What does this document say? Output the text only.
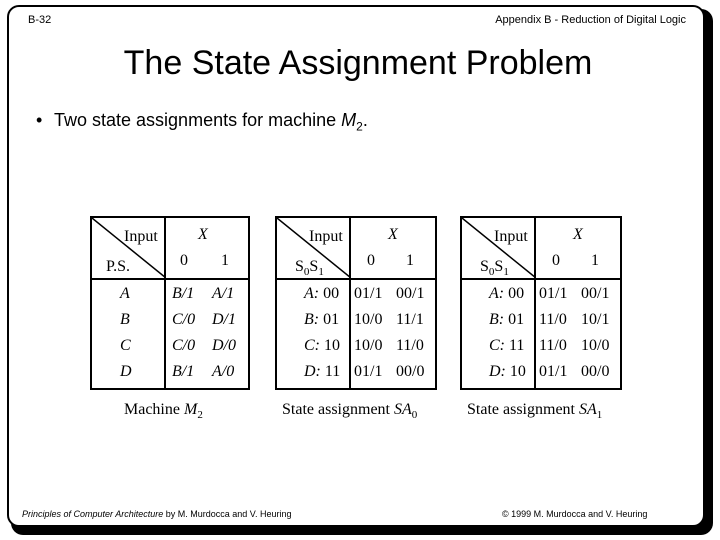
B-32	Appendix B - Reduction of Digital Logic
The State Assignment Problem
• Two state assignments for machine $M_2$.
Input
P.S.
X
0 1
A	B/1 A/1
B	C/0 D/1
C	C/0 D/0
D	B/1 A/0
Machine $M_2$
Input
$S_0S_1$
X
0 1
A: 00 01/1 00/1
B: 01 10/0 11/1
C: 10 10/0 11/0
D: 11 01/1 00/0
State assignment $SA_0$
Input
$S_0S_1$
X
0 1
A: 00 01/1 00/1
B: 01 11/0 10/1
C: 11 11/0 10/0
D: 10 01/1 00/0
State assignment $SA_1$
Principles of Computer Architecture by M. Murdocca and V. Heuring	© 1999 M. Murdocca and V. Heuring
